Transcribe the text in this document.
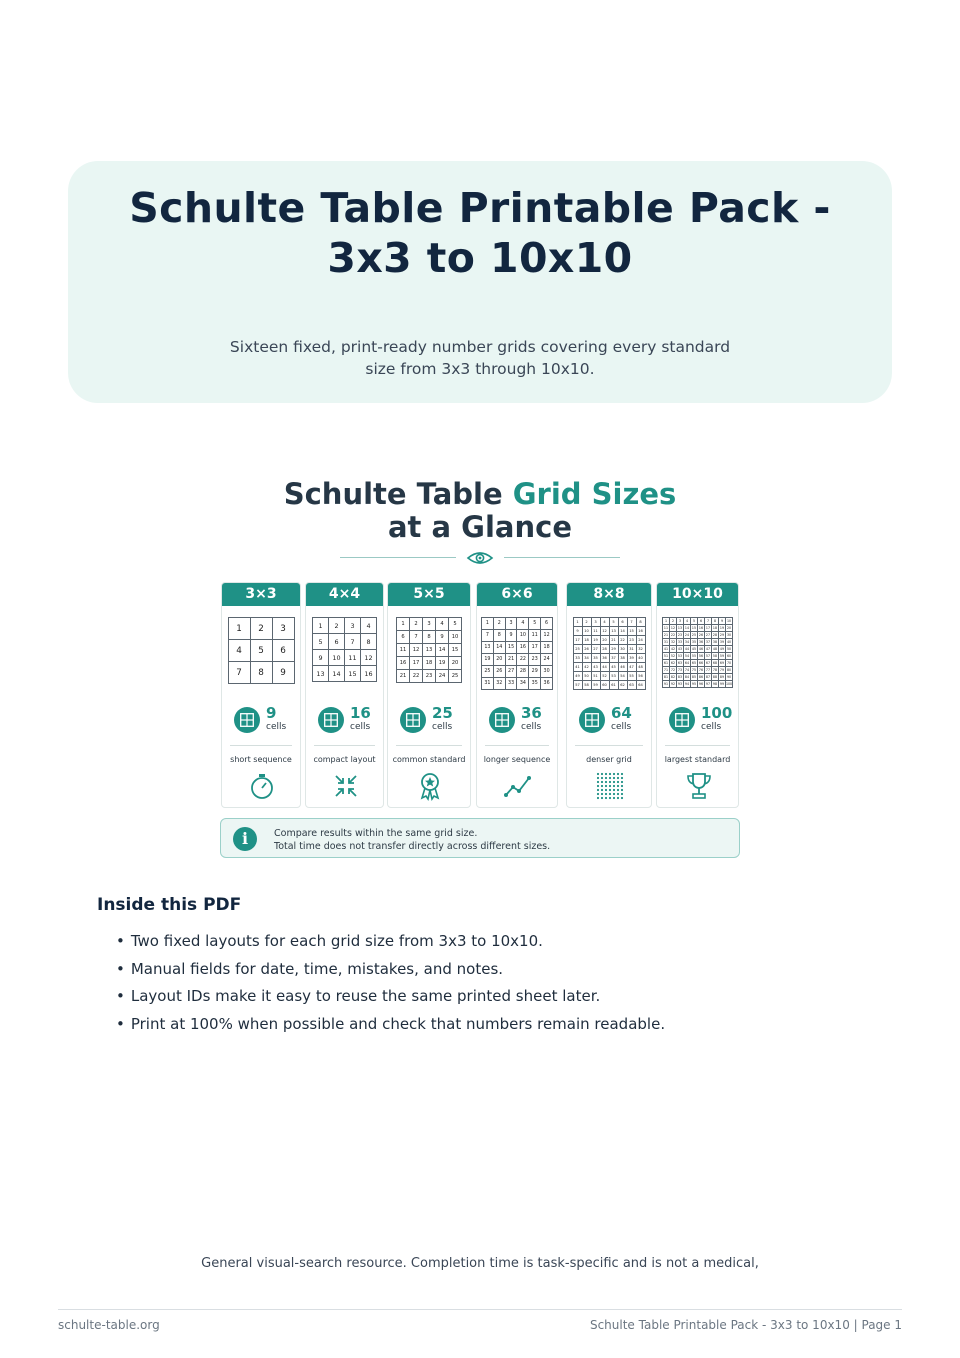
Schulte Table Printable Pack - 3x3 to 10x10

Sixteen fixed, print-ready number grids covering every standard size from 3x3 through 10x10.

Schulte Table Grid Sizes
at a Glance
3×3
1	2	3
4	5	6
7	8	9
9
cells
short sequence
4×4
1	2	3	4
5	6	7	8
9	10	11	12
13	14	15	16
16
cells
compact layout
5×5
1	2	3	4	5
6	7	8	9	10
11	12	13	14	15
16	17	18	19	20
21	22	23	24	25
25
cells
common standard
6×6
1	2	3	4	5	6
7	8	9	10	11	12
13	14	15	16	17	18
19	20	21	22	23	24
25	26	27	28	29	30
31	32	33	34	35	36
36
cells
longer sequence
8×8
1	2	3	4	5	6	7	8
9	10	11	12	13	14	15	16
17	18	19	20	21	22	23	24
25	26	27	28	29	30	31	32
33	34	35	36	37	38	39	40
41	42	43	44	45	46	47	48
49	50	51	52	53	54	55	56
57	58	59	60	61	62	63	64
64
cells
denser grid
10×10
1	2	3	4	5	6	7	8	9	10
11	12	13	14	15	16	17	18	19	20
21	22	23	24	25	26	27	28	29	30
31	32	33	34	35	36	37	38	39	40
41	42	43	44	45	46	47	48	49	50
51	52	53	54	55	56	57	58	59	60
61	62	63	64	65	66	67	68	69	70
71	72	73	74	75	76	77	78	79	80
81	82	83	84	85	86	87	88	89	90
91	92	93	94	95	96	97	98	99	100
100
cells
largest standard
i	Compare results within the same grid size.
Total time does not transfer directly across different sizes.
Inside this PDF
• Two fixed layouts for each grid size from 3x3 to 10x10.
• Manual fields for date, time, mistakes, and notes.
• Layout IDs make it easy to reuse the same printed sheet later.
• Print at 100% when possible and check that numbers remain readable.
General visual-search resource. Completion time is task-specific and is not a medical,
schulte-table.org	Schulte Table Printable Pack - 3x3 to 10x10 | Page 1
